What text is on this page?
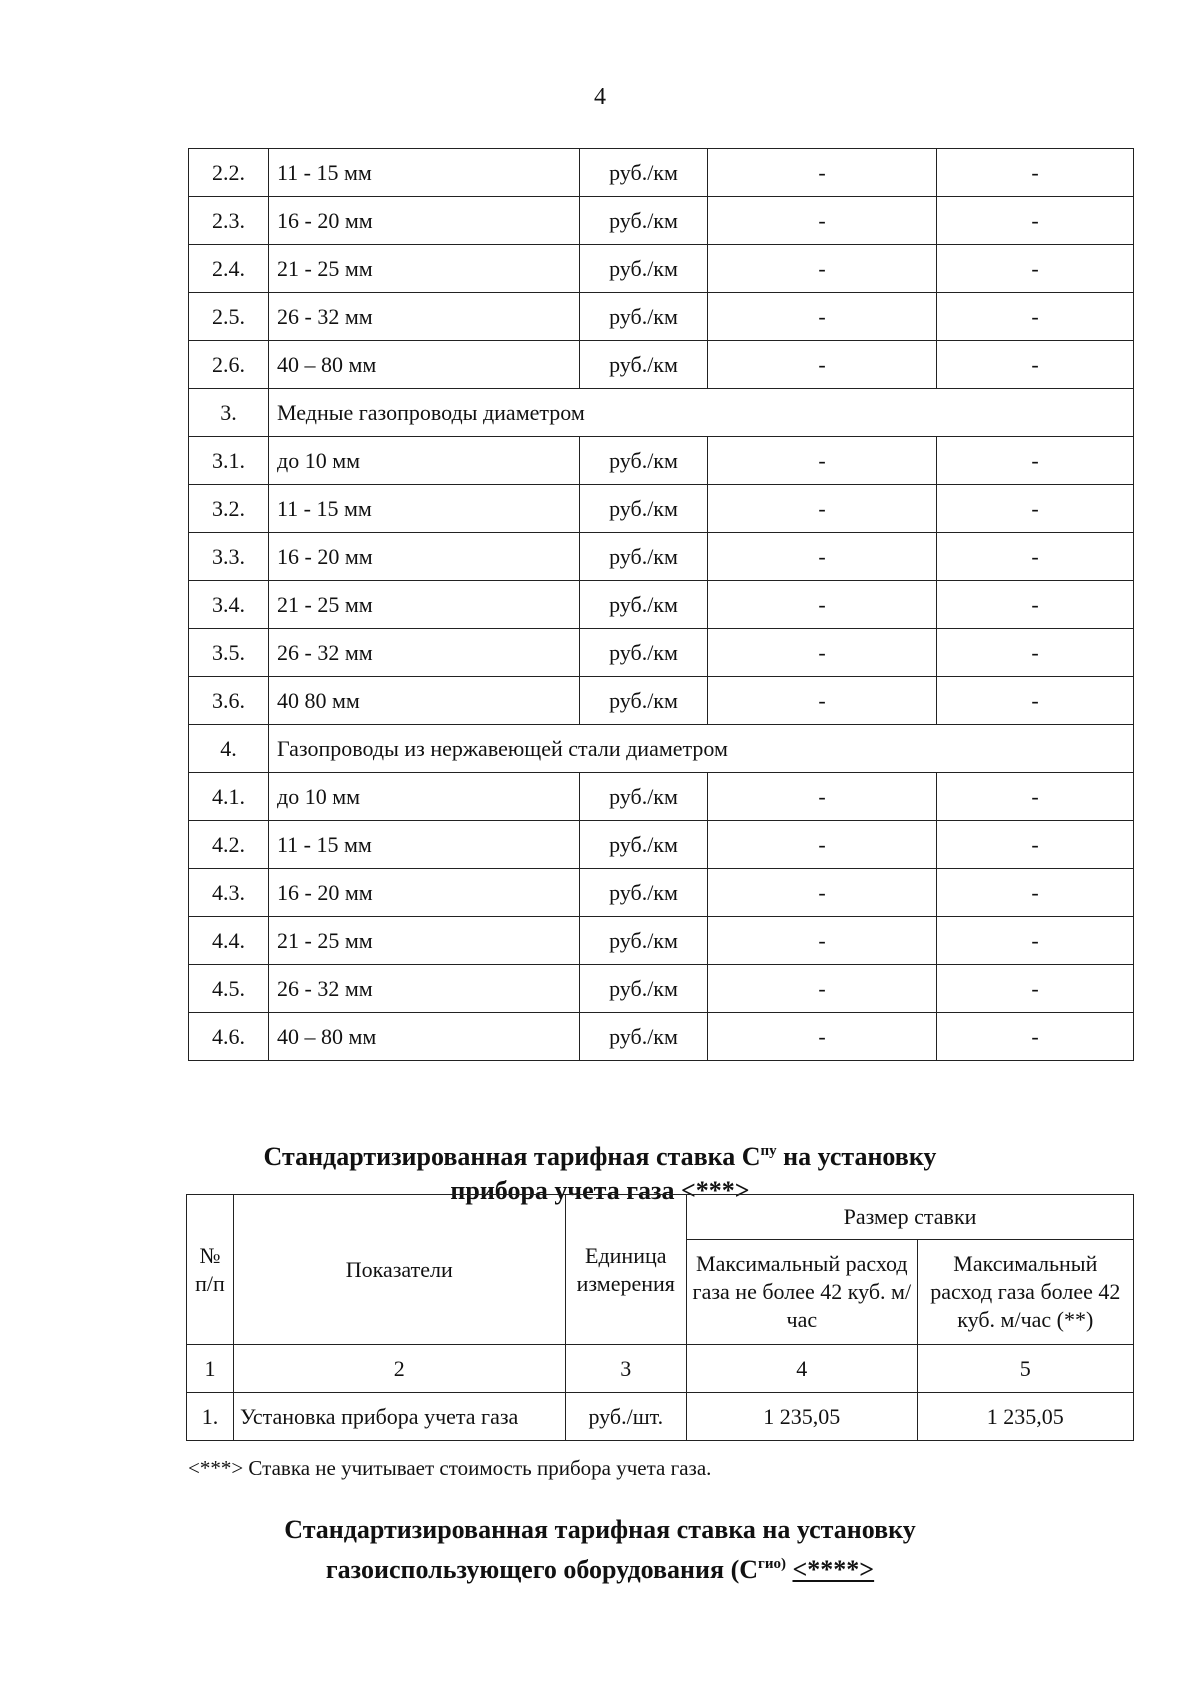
4
2.2.	11 - 15 мм	руб./км	-	-
2.3.	16 - 20 мм	руб./км	-	-
2.4.	21 - 25 мм	руб./км	-	-
2.5.	26 - 32 мм	руб./км	-	-
2.6.	40 – 80 мм	руб./км	-	-
3.	Медные газопроводы диаметром			
3.1.	до 10 мм	руб./км	-	-
3.2.	11 - 15 мм	руб./км	-	-
3.3.	16 - 20 мм	руб./км	-	-
3.4.	21 - 25 мм	руб./км	-	-
3.5.	26 - 32 мм	руб./км	-	-
3.6.	40 80 мм	руб./км	-	-
4.	Газопроводы из нержавеющей стали диаметром			
4.1.	до 10 мм	руб./км	-	-
4.2.	11 - 15 мм	руб./км	-	-
4.3.	16 - 20 мм	руб./км	-	-
4.4.	21 - 25 мм	руб./км	-	-
4.5.	26 - 32 мм	руб./км	-	-
4.6.	40 – 80 мм	руб./км	-	-
Стандартизированная тарифная ставка $С^{пу}$ на установку
прибора учета газа <***>
№ п/п	Показатели	Единица измерения	Размер ставки	
			Максимальный расход газа не более 42 куб. м/час	Максимальный расход газа более 42 куб. м/час (**)
1	2	3	4	5
1.	Установка прибора учета газа	руб./шт.	1 235,05	1 235,05
<***> Ставка не учитывает стоимость прибора учета газа.
Стандартизированная тарифная ставка на установку
газоиспользующего оборудования ($С^{гио)}$ <****>
